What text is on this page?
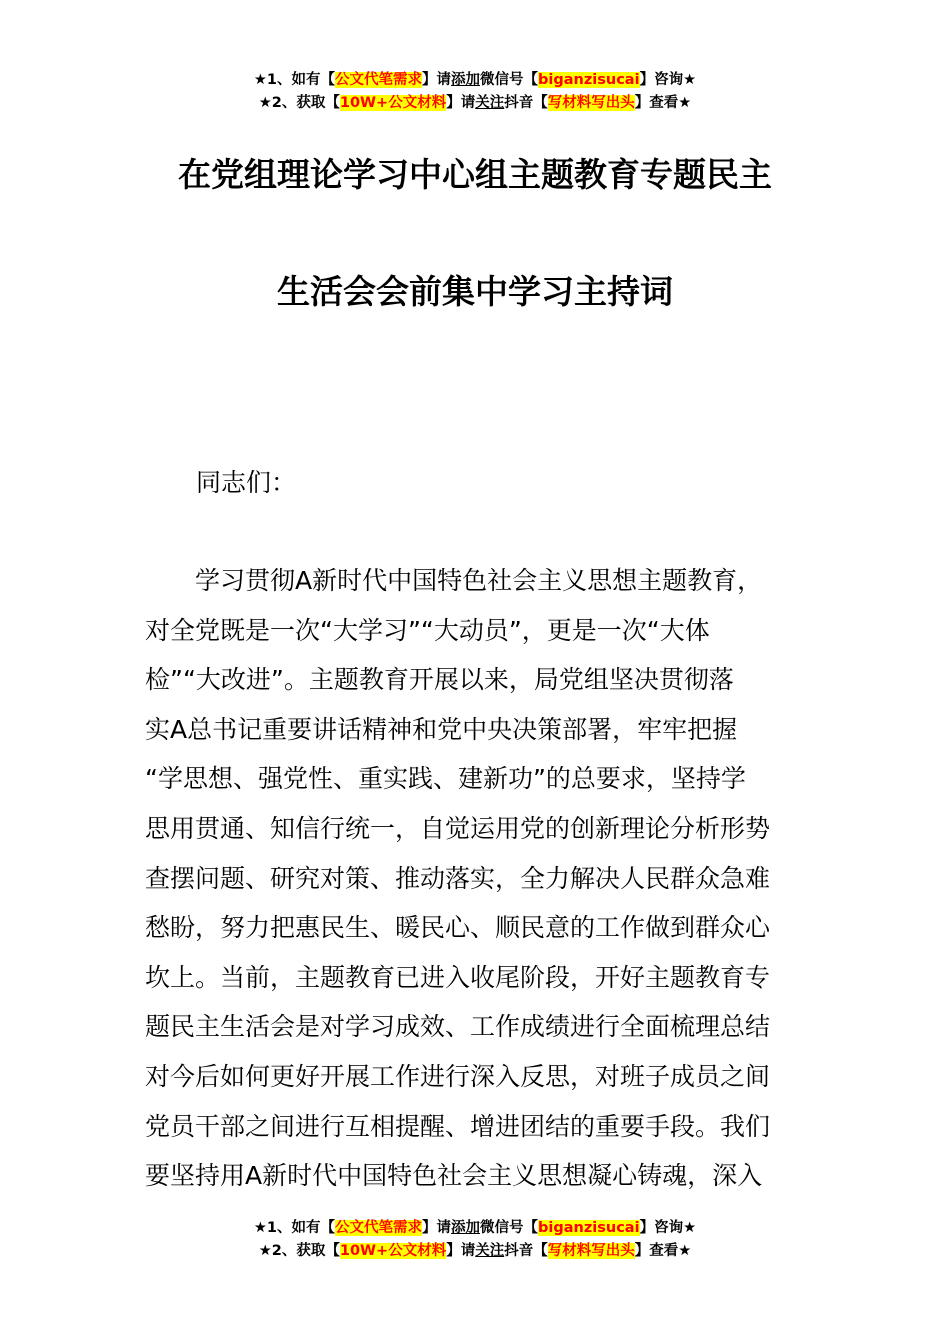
★1、如有【公文代笔需求】请添加微信号【biganzisucai】咨询★
★2、获取【10W+公文材料】请关注抖音【写材料写出头】查看★
在党组理论学习中心组主题教育专题民主
生活会会前集中学习主持词
同志们：
　　学习贯彻A新时代中国特色社会主义思想主题教育，
对全党既是一次“大学习”“大动员”，更是一次“大体
检”“大改进”。主题教育开展以来，局党组坚决贯彻落
实A总书记重要讲话精神和党中央决策部署，牢牢把握
“学思想、强党性、重实践、建新功”的总要求，坚持学
思用贯通、知信行统一，自觉运用党的创新理论分析形势
查摆问题、研究对策、推动落实，全力解决人民群众急难
愁盼，努力把惠民生、暖民心、顺民意的工作做到群众心
坎上。当前，主题教育已进入收尾阶段，开好主题教育专
题民主生活会是对学习成效、工作成绩进行全面梳理总结
对今后如何更好开展工作进行深入反思，对班子成员之间
党员干部之间进行互相提醒、增进团结的重要手段。我们
要坚持用A新时代中国特色社会主义思想凝心铸魂，深入
★1、如有【公文代笔需求】请添加微信号【biganzisucai】咨询★
★2、获取【10W+公文材料】请关注抖音【写材料写出头】查看★
